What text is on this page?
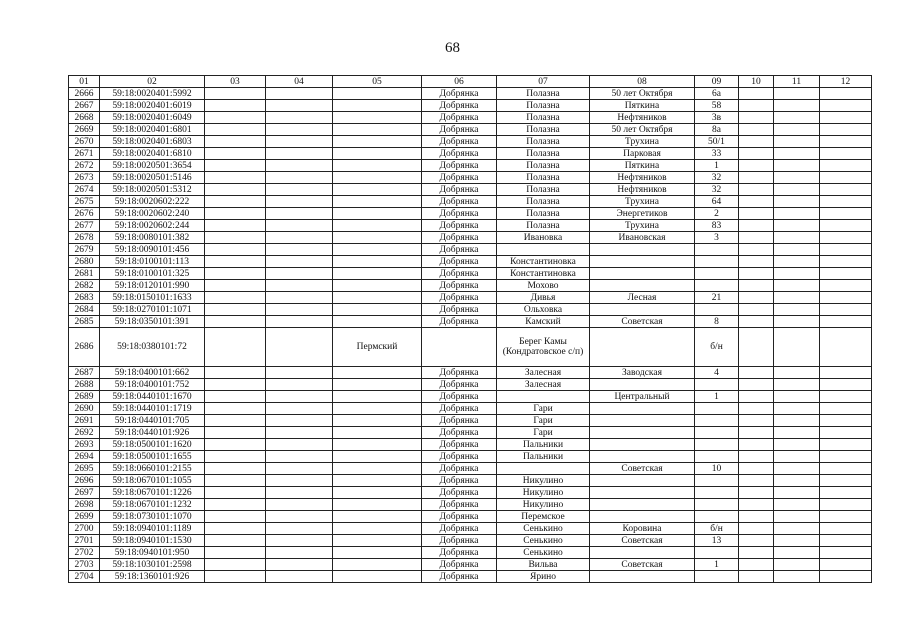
68
01	02	03	04	05	06	07	08	09	10	11	12
2666	59:18:0020401:5992				Добрянка	Полазна	50 лет Октября	6а			
2667	59:18:0020401:6019				Добрянка	Полазна	Пяткина	58			
2668	59:18:0020401:6049				Добрянка	Полазна	Нефтяников	3в			
2669	59:18:0020401:6801				Добрянка	Полазна	50 лет Октября	8а			
2670	59:18:0020401:6803				Добрянка	Полазна	Трухина	50/1			
2671	59:18:0020401:6810				Добрянка	Полазна	Парковая	33			
2672	59:18:0020501:3654				Добрянка	Полазна	Пяткина	1			
2673	59:18:0020501:5146				Добрянка	Полазна	Нефтяников	32			
2674	59:18:0020501:5312				Добрянка	Полазна	Нефтяников	32			
2675	59:18:0020602:222				Добрянка	Полазна	Трухина	64			
2676	59:18:0020602:240				Добрянка	Полазна	Энергетиков	2			
2677	59:18:0020602:244				Добрянка	Полазна	Трухина	83			
2678	59:18:0080101:382				Добрянка	Ивановка	Ивановская	3			
2679	59:18:0090101:456				Добрянка						
2680	59:18:0100101:113				Добрянка	Константиновка					
2681	59:18:0100101:325				Добрянка	Константиновка					
2682	59:18:0120101:990				Добрянка	Мохово					
2683	59:18:0150101:1633				Добрянка	Дивья	Лесная	21			
2684	59:18:0270101:1071				Добрянка	Ольховка					
2685	59:18:0350101:391				Добрянка	Камский	Советская	8			
2686	59:18:0380101:72			Пермский		Берег Камы (Кондратовское с/п)		б/н			
2687	59:18:0400101:662				Добрянка	Залесная	Заводская	4			
2688	59:18:0400101:752				Добрянка	Залесная					
2689	59:18:0440101:1670				Добрянка		Центральный	1			
2690	59:18:0440101:1719				Добрянка	Гари					
2691	59:18:0440101:705				Добрянка	Гари					
2692	59:18:0440101:926				Добрянка	Гари					
2693	59:18:0500101:1620				Добрянка	Пальники					
2694	59:18:0500101:1655				Добрянка	Пальники					
2695	59:18:0660101:2155				Добрянка		Советская	10			
2696	59:18:0670101:1055				Добрянка	Никулино					
2697	59:18:0670101:1226				Добрянка	Никулино					
2698	59:18:0670101:1232				Добрянка	Никулино					
2699	59:18:0730101:1070				Добрянка	Перемское					
2700	59:18:0940101:1189				Добрянка	Сенькино	Коровина	б/н			
2701	59:18:0940101:1530				Добрянка	Сенькино	Советская	13			
2702	59:18:0940101:950				Добрянка	Сенькино					
2703	59:18:1030101:2598				Добрянка	Вильва	Советская	1			
2704	59:18:1360101:926				Добрянка	Ярино					
